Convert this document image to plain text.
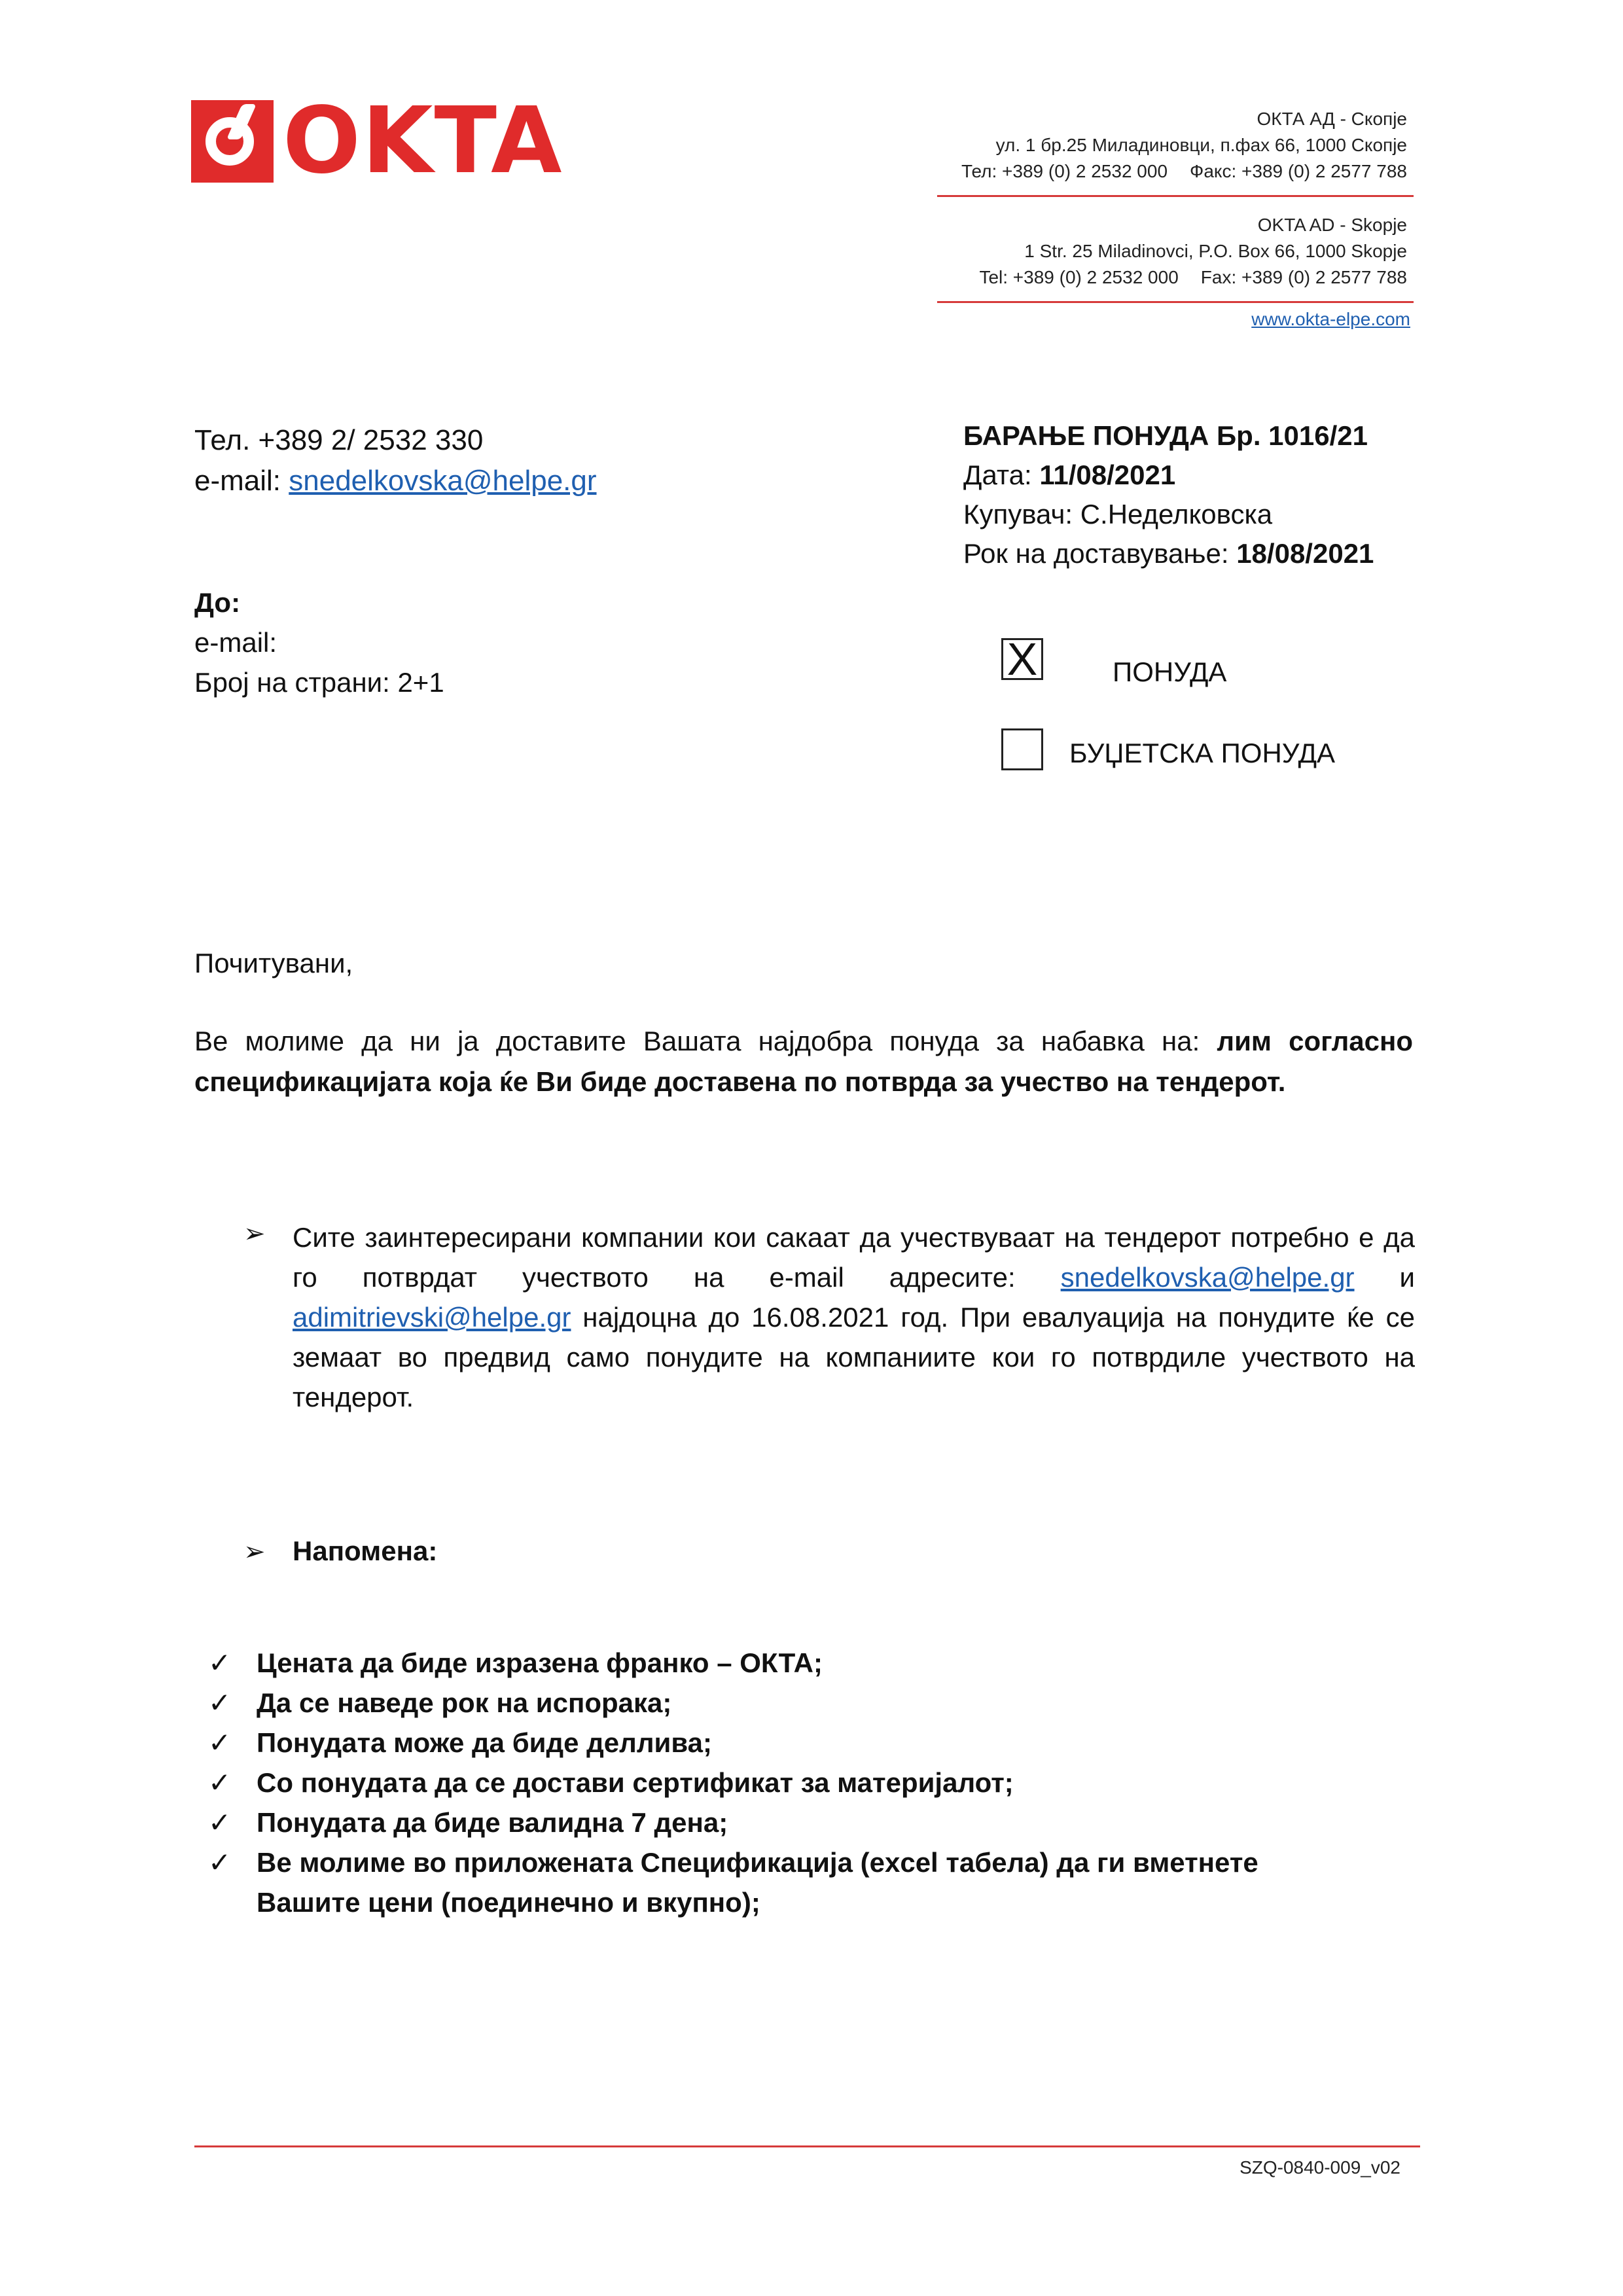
OKTA	ОКТА АД - Скопје
ул. 1 бр.25 Миладиновци, п.фах 66, 1000 Скопје
Тел: +389 (0) 2 2532 000 Факс: +389 (0) 2 2577 788
OKTA AD - Skopje
1 Str. 25 Miladinovci, P.O. Box 66, 1000 Skopje
Tel: +389 (0) 2 2532 000 Fax: +389 (0) 2 2577 788
www.okta-elpe.com
Тел. +389 2/ 2532 330
e-mail: snedelkovska@helpe.gr
БАРАЊЕ ПОНУДА Бр. 1016/21
Дата: 11/08/2021
Купувач: С.Неделковска
Рок на доставување: 18/08/2021
До:
e-mail:
Број на страни: 2+1	X	ПОНУДА
БУЏЕТСКА ПОНУДА
Почитувани,
Ве молиме да ни ја доставите Вашата најдобра понуда за набавка на: лим согласно спецификацијата која ќе Ви биде доставена по потврда за учество на тендерот.
➢ Сите заинтересирани компании кои сакаат да учествуваат на тендерот потребно е да го потврдат учеството на e-mail адресите: snedelkovska@helpe.gr и adimitrievski@helpe.gr најдоцна до 16.08.2021 год. При евалуација на понудите ќе се земаат во предвид само понудите на компаниите кои го потврдиле учеството на тендерот.
➢ Напомена:
✓ Цената да биде изразена франко – ОКТА;
✓ Да се наведе рок на испорака;
✓ Понудата може да биде деллива;
✓ Со понудата да се достави сертификат за материјалот;
✓ Понудата да биде валидна 7 дена;
✓ Ве молиме во приложената Спецификација (excel табела) да ги вметнете Вашите цени (поединечно и вкупно);
SZQ-0840-009_v02
